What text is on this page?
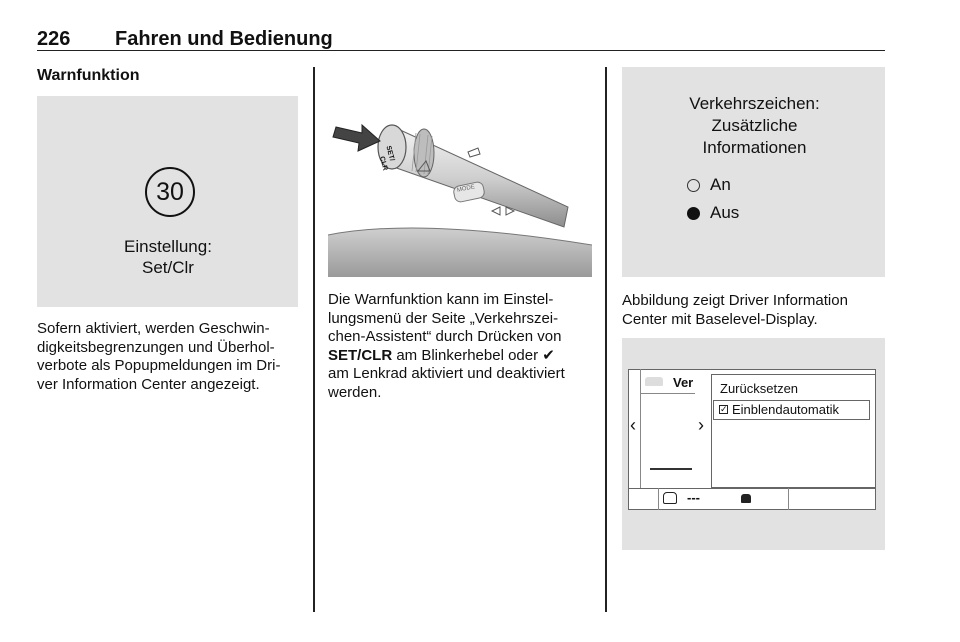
226 Fahren und Bedienung
Warnfunktion
30
Einstellung:
Set/Clr
Sofern aktiviert, werden Geschwin-
digkeitsbegrenzungen und Überhol-
verbote als Popupmeldungen im Dri-
ver Information Center angezeigt.
SET/
CLR
MODE
Die Warnfunktion kann im Einstel-
lungsmenü der Seite „Verkehrszei-
chen-Assistent“ durch Drücken von
SET/CLR am Blinkerhebel oder ✔
am Lenkrad aktiviert und deaktiviert
werden.
Verkehrszeichen:
Zusätzliche
Informationen
An
Aus
Abbildung zeigt Driver Information
Center mit Baselevel-Display.
Ver
‹	›
Zurücksetzen
✓ Einblendautomatik
---
